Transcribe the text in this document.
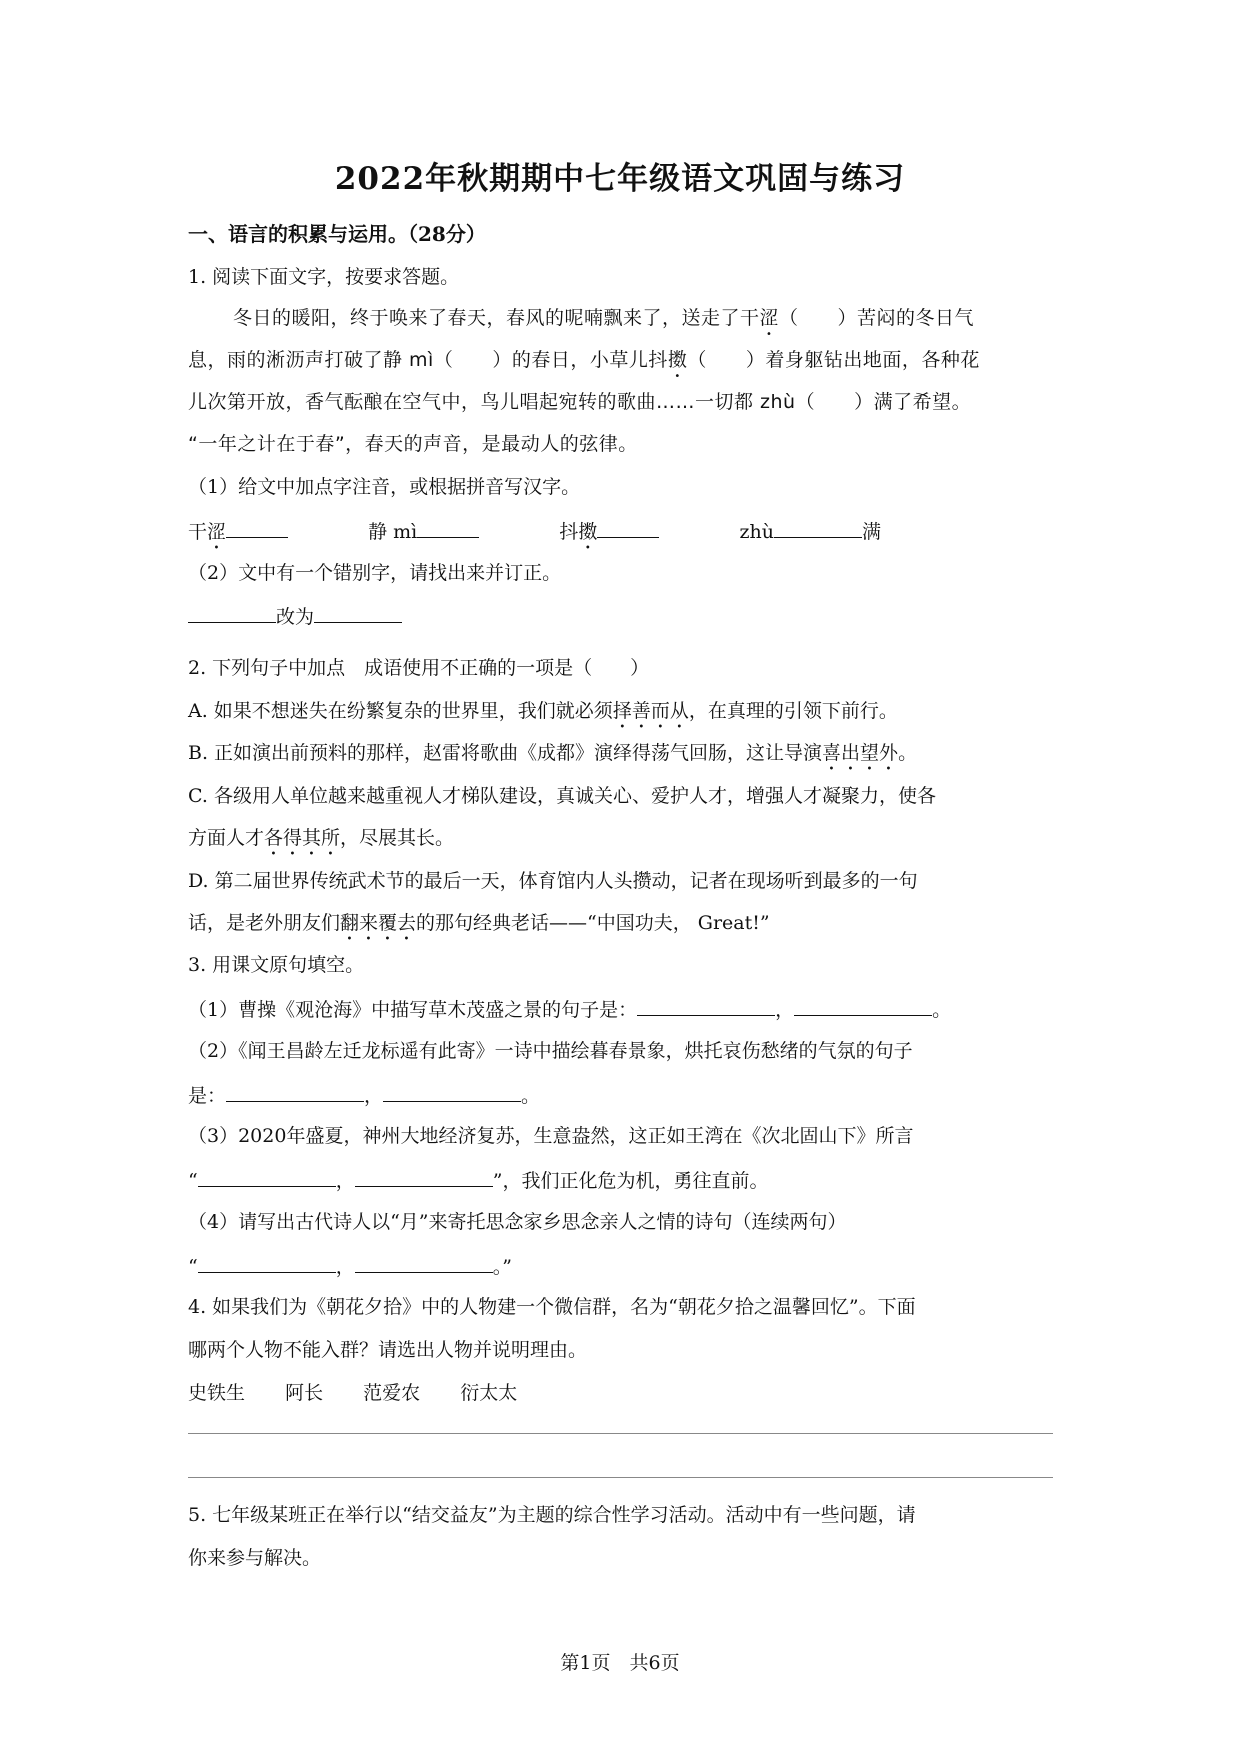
2022年秋期期中七年级语文巩固与练习
一、语言的积累与运用。（28分）
1. 阅读下面文字，按要求答题。
冬日的暖阳，终于唤来了春天，春风的呢喃飘来了，送走了干涩（　　）苦闷的冬日气
息，雨的淅沥声打破了静 mì（　　）的春日，小草儿抖擞（　　）着身躯钻出地面，各种花
儿次第开放，香气酝酿在空气中，鸟儿唱起宛转的歌曲……一切都 zhù（　　）满了希望。
“一年之计在于春”，春天的声音，是最动人的弦律。
（1）给文中加点字注音，或根据拼音写汉字。
干涩	静 mì	抖擞	zhù	满
（2）文中有一个错别字，请找出来并订正。
改为
2. 下列句子中加点　成语使用不正确的一项是（　　）
A. 如果不想迷失在纷繁复杂的世界里，我们就必须择善而从，在真理的引领下前行。
B. 正如演出前预料的那样，赵雷将歌曲《成都》演绎得荡气回肠，这让导演喜出望外。
C. 各级用人单位越来越重视人才梯队建设，真诚关心、爱护人才，增强人才凝聚力，使各
方面人才各得其所，尽展其长。
D. 第二届世界传统武术节的最后一天，体育馆内人头攒动，记者在现场听到最多的一句
话，是老外朋友们翻来覆去的那句经典老话——“中国功夫， Great!”
3. 用课文原句填空。
（1）曹操《观沧海》中描写草木茂盛之景的句子是：	，	。
（2）《闻王昌龄左迁龙标遥有此寄》一诗中描绘暮春景象，烘托哀伤愁绪的气氛的句子
是：	，	。
（3）2020年盛夏，神州大地经济复苏，生意盎然，这正如王湾在《次北固山下》所言
“	，	”，我们正化危为机，勇往直前。
（4）请写出古代诗人以“月”来寄托思念家乡思念亲人之情的诗句（连续两句）
“	，	。”
4. 如果我们为《朝花夕拾》中的人物建一个微信群，名为“朝花夕拾之温馨回忆”。下面
哪两个人物不能入群？请选出人物并说明理由。
史铁生 阿长 范爱农 衍太太
5. 七年级某班正在举行以“结交益友”为主题的综合性学习活动。活动中有一些问题，请
你来参与解决。
第1页　共6页
